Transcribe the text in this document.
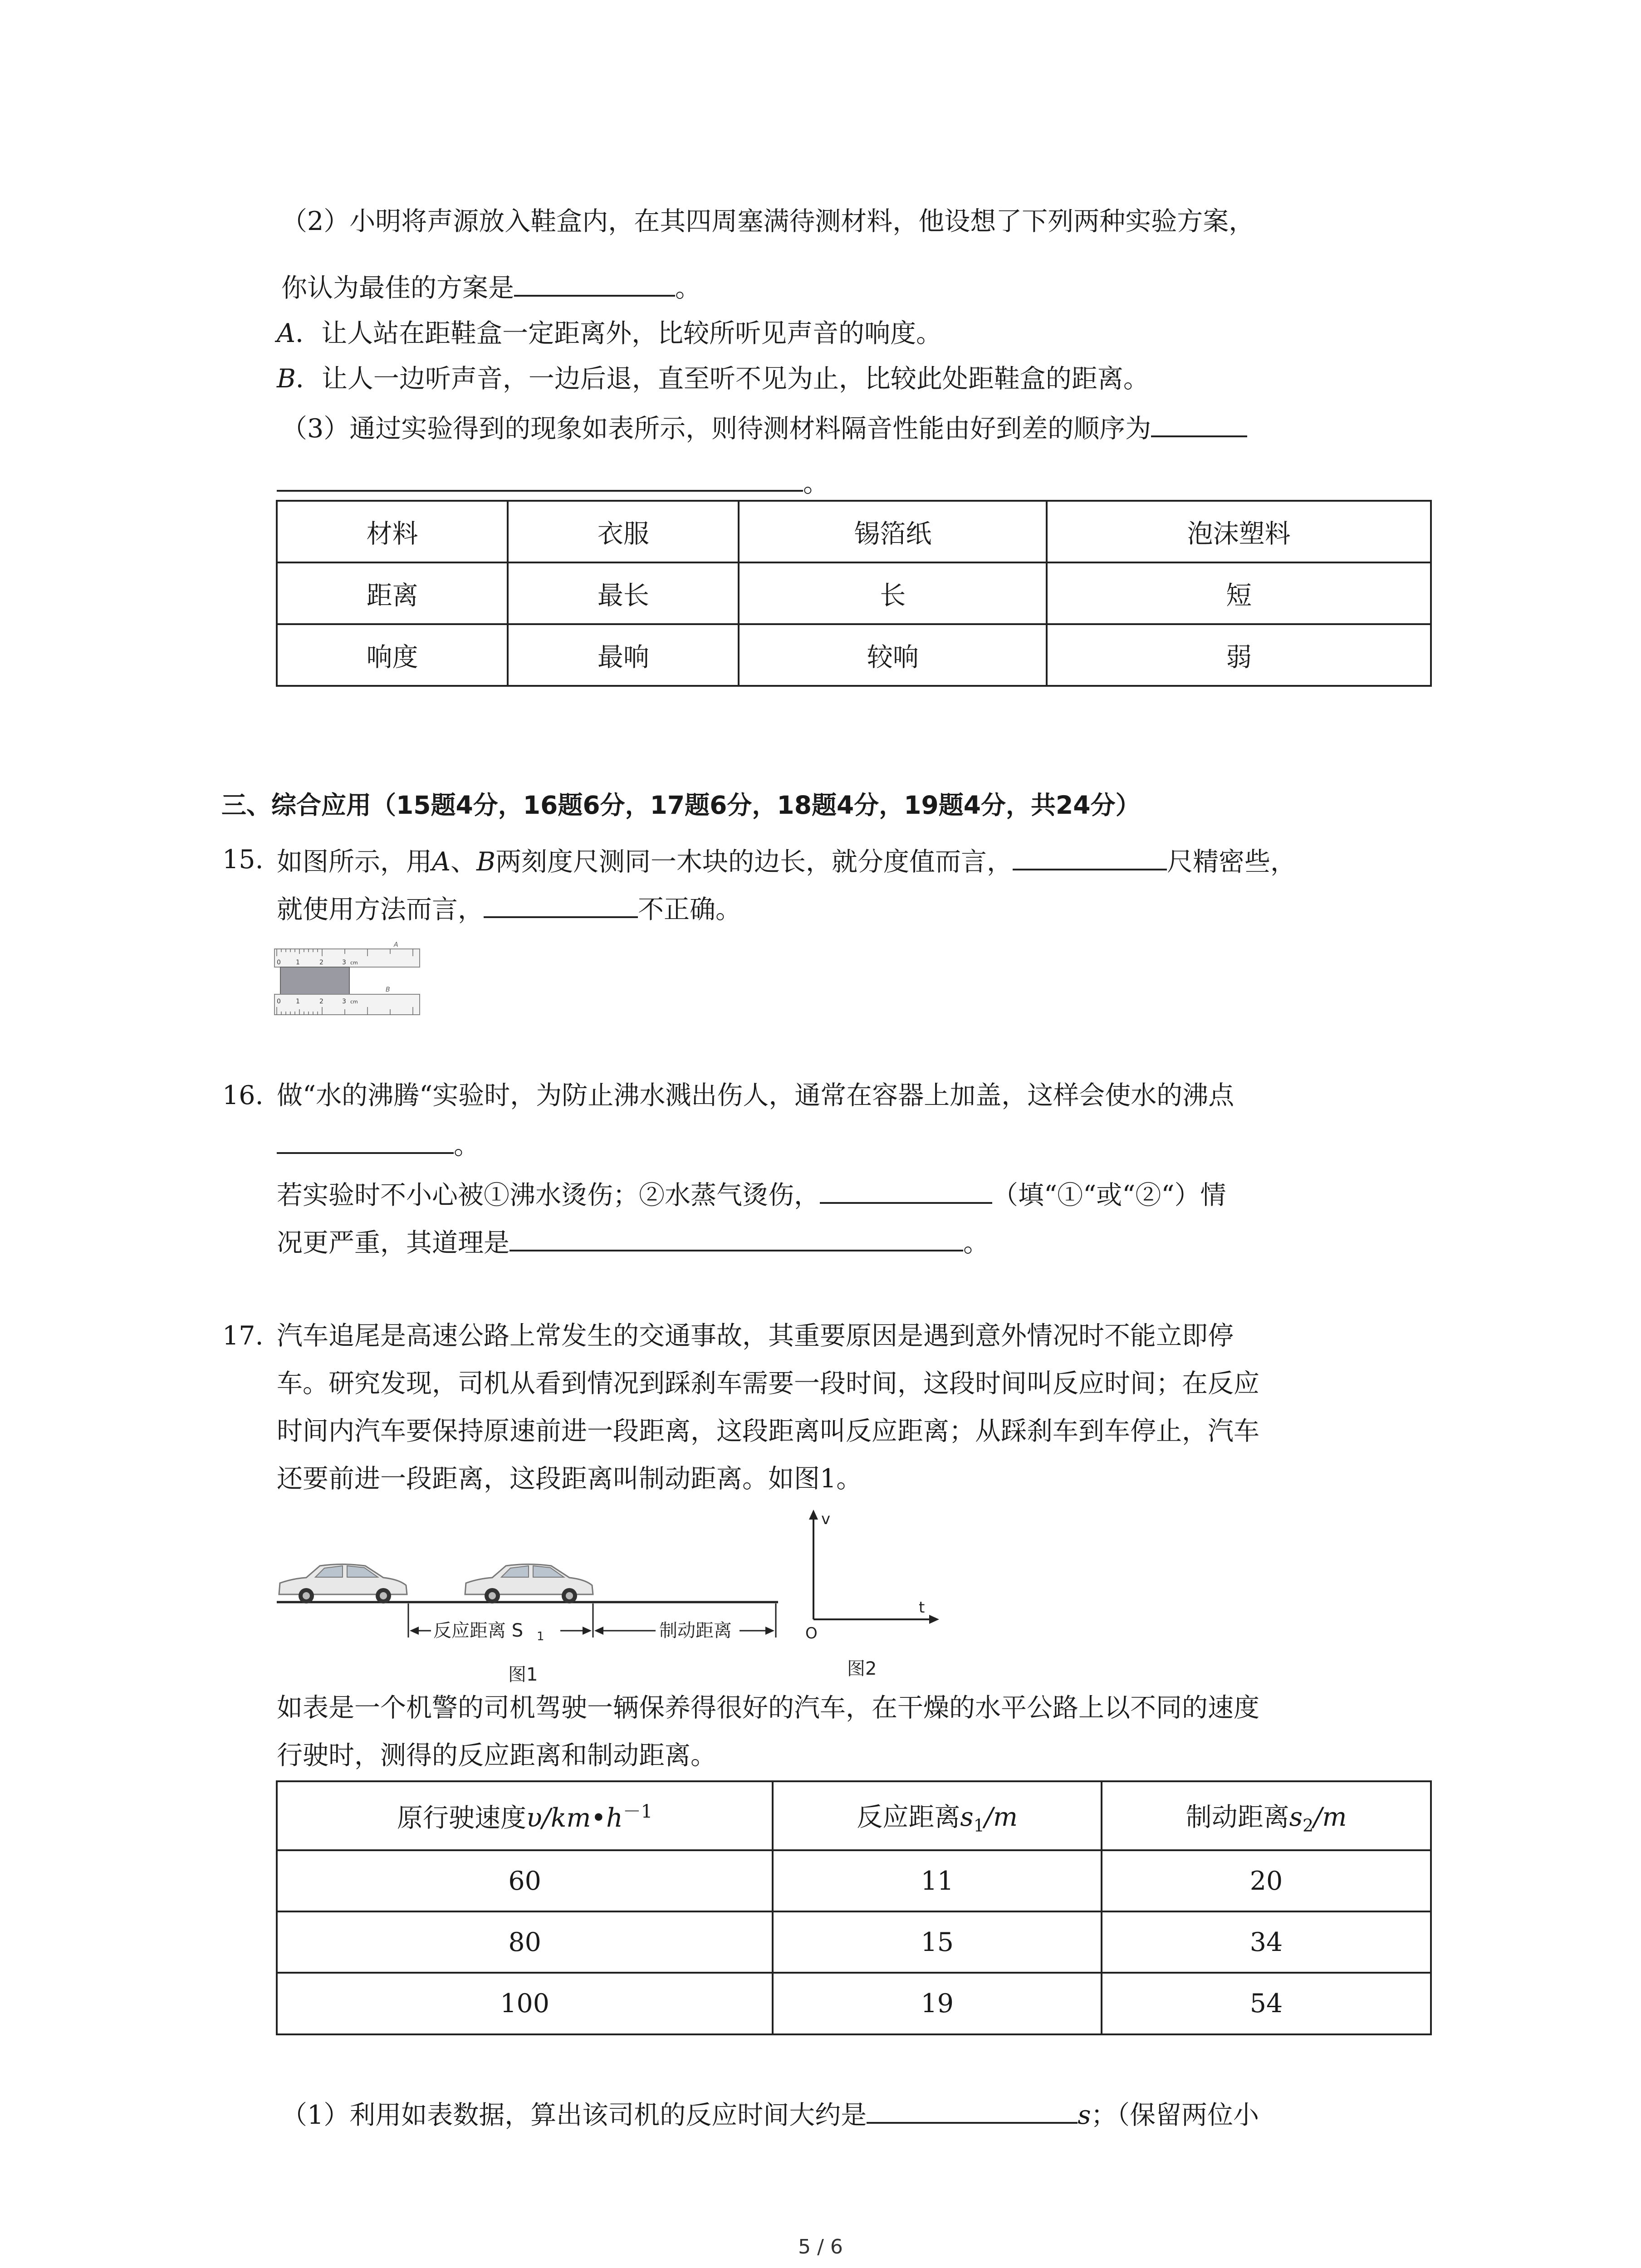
（2）小明将声源放入鞋盒内，在其四周塞满待测材料，他设想了下列两种实验方案，
你认为最佳的方案是	。
A．让人站在距鞋盒一定距离外，比较所听见声音的响度。
B．让人一边听声音，一边后退，直至听不见为止，比较此处距鞋盒的距离。
（3）通过实验得到的现象如表所示，则待测材料隔音性能由好到差的顺序为
。
材料	衣服	锡箔纸	泡沫塑料
距离	最长	长	短
响度	最响	较响	弱
三、综合应用（15题4分，16题6分，17题6分，18题4分，19题4分，共24分）
15. 如图所示，用A、B两刻度尺测同一木块的边长，就分度值而言，	尺精密些，
就使用方法而言，	不正确。
A
0 1	2	3 cm
B
0 1	2	3 cm
16. 做“水的沸腾“实验时，为防止沸水溅出伤人，通常在容器上加盖，这样会使水的沸点
。
若实验时不小心被①沸水烫伤；②水蒸气烫伤，	（填“①“或“②“）情
况更严重，其道理是	。
17. 汽车追尾是高速公路上常发生的交通事故，其重要原因是遇到意外情况时不能立即停
车。研究发现，司机从看到情况到踩刹车需要一段时间，这段时间叫反应时间；在反应
时间内汽车要保持原速前进一段距离，这段距离叫反应距离；从踩刹车到车停止，汽车
还要前进一段距离，这段距离叫制动距离。如图1。
反应距离 S 1	制动距离
图1
v
t
O
图2
如表是一个机警的司机驾驶一辆保养得很好的汽车，在干燥的水平公路上以不同的速度
行驶时，测得的反应距离和制动距离。
原行驶速度$\upsilon/km•h^{-1}$	反应距离$s_1/m$	制动距离$s_2/m$
60	11	20
80	15	34
100	19	54
（1）利用如表数据，算出该司机的反应时间大约是	s；（保留两位小
5 / 6
